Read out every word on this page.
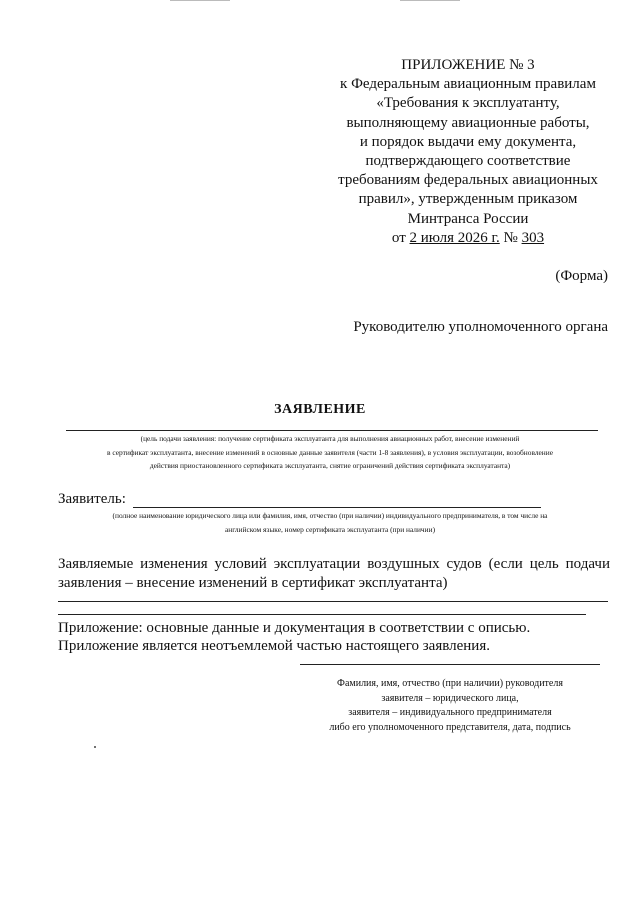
ПРИЛОЖЕНИЕ № 3
к Федеральным авиационным правилам
«Требования к эксплуатанту,
выполняющему авиационные работы,
и порядок выдачи ему документа,
подтверждающего соответствие
требованиям федеральных авиационных
правил», утвержденным приказом
Минтранса России
от 2 июля 2026 г. № 303
(Форма)
Руководителю уполномоченного органа
ЗАЯВЛЕНИЕ
(цель подачи заявления: получение сертификата эксплуатанта для выполнения авиационных работ, внесение изменений
в сертификат эксплуатанта, внесение изменений в основные данные заявителя (части 1-8 заявления), в условия эксплуатации, возобновление
действия приостановленного сертификата эксплуатанта, снятие ограничений действия сертификата эксплуатанта)
Заявитель:
(полное наименование юридического лица или фамилия, имя, отчество (при наличии) индивидуального предпринимателя, в том числе на
английском языке, номер сертификата эксплуатанта (при наличии)
Заявляемые изменения условий эксплуатации воздушных судов (если цель подачи заявления – внесение изменений в сертификат эксплуатанта)
Приложение: основные данные и документация в соответствии с описью.
Приложение является неотъемлемой частью настоящего заявления.
Фамилия, имя, отчество (при наличии) руководителя
заявителя – юридического лица,
заявителя – индивидуального предпринимателя
либо его уполномоченного представителя, дата, подпись
